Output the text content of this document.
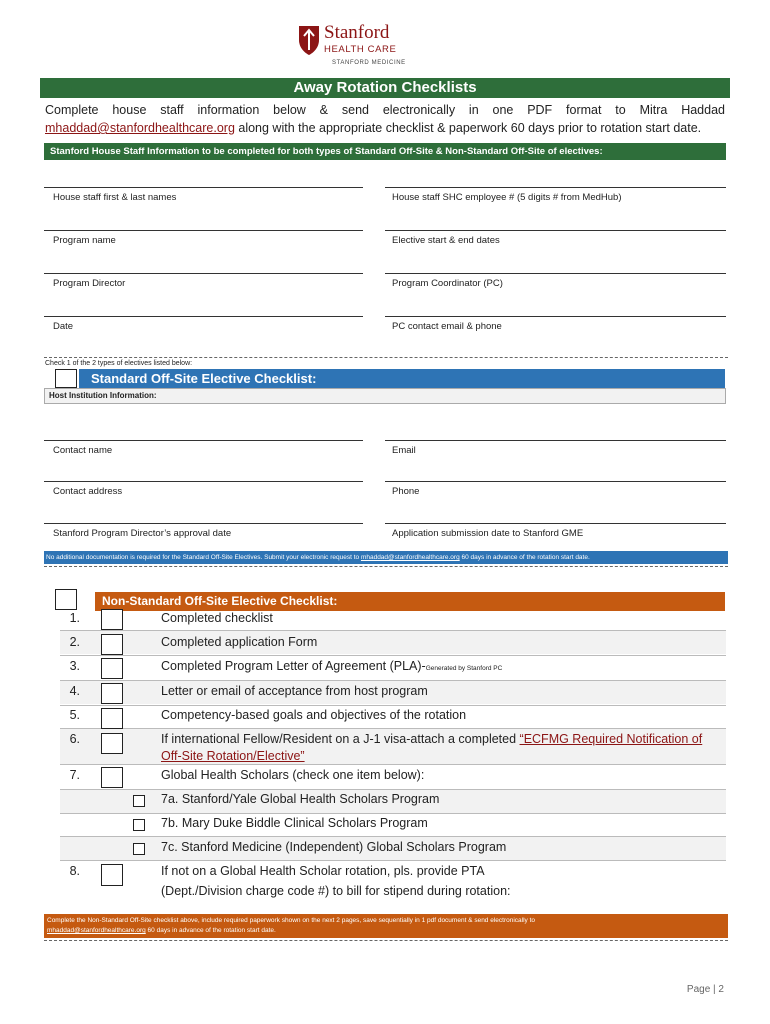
Stanford
HEALTH CARE
STANFORD MEDICINE
Away Rotation Checklists
Complete house staff information below & send electronically in one PDF format to Mitra Haddad mhaddad@stanfordhealthcare.org along with the appropriate checklist & paperwork 60 days prior to rotation start date.
Stanford House Staff Information to be completed for both types of Standard Off-Site & Non-Standard Off-Site of electives:
House staff first & last names	House staff SHC employee # (5 digits # from MedHub)
Program name	Elective start & end dates
Program Director	Program Coordinator (PC)
Date	PC contact email & phone
Check 1 of the 2 types of electives listed below:
Standard Off-Site Elective Checklist:
Host Institution Information:
Contact name	Email
Contact address	Phone
Stanford Program Director’s approval date	Application submission date to Stanford GME
No additional documentation is required for the Standard Off-Site Electives. Submit your electronic request to mhaddad@stanfordhealthcare.org 60 days in advance of the rotation start date.
Non-Standard Off-Site Elective Checklist:
1.	Completed checklist
2.	Completed application Form
3.	Completed Program Letter of Agreement (PLA)-Generated by Stanford PC
4.	Letter or email of acceptance from host program
5.	Competency-based goals and objectives of the rotation
6.	If international Fellow/Resident on a J-1 visa-attach a completed “ECFMG Required Notification of
Off-Site Rotation/Elective”
7.	Global Health Scholars (check one item below):
7a. Stanford/Yale Global Health Scholars Program
7b. Mary Duke Biddle Clinical Scholars Program
7c. Stanford Medicine (Independent) Global Scholars Program
8.	If not on a Global Health Scholar rotation, pls. provide PTA
(Dept./Division charge code #) to bill for stipend during rotation:
Complete the Non-Standard Off-Site checklist above, include required paperwork shown on the next 2 pages, save sequentially in 1 pdf document & send electronically to
mhaddad@stanfordhealthcare.org 60 days in advance of the rotation start date.
Page | 2
